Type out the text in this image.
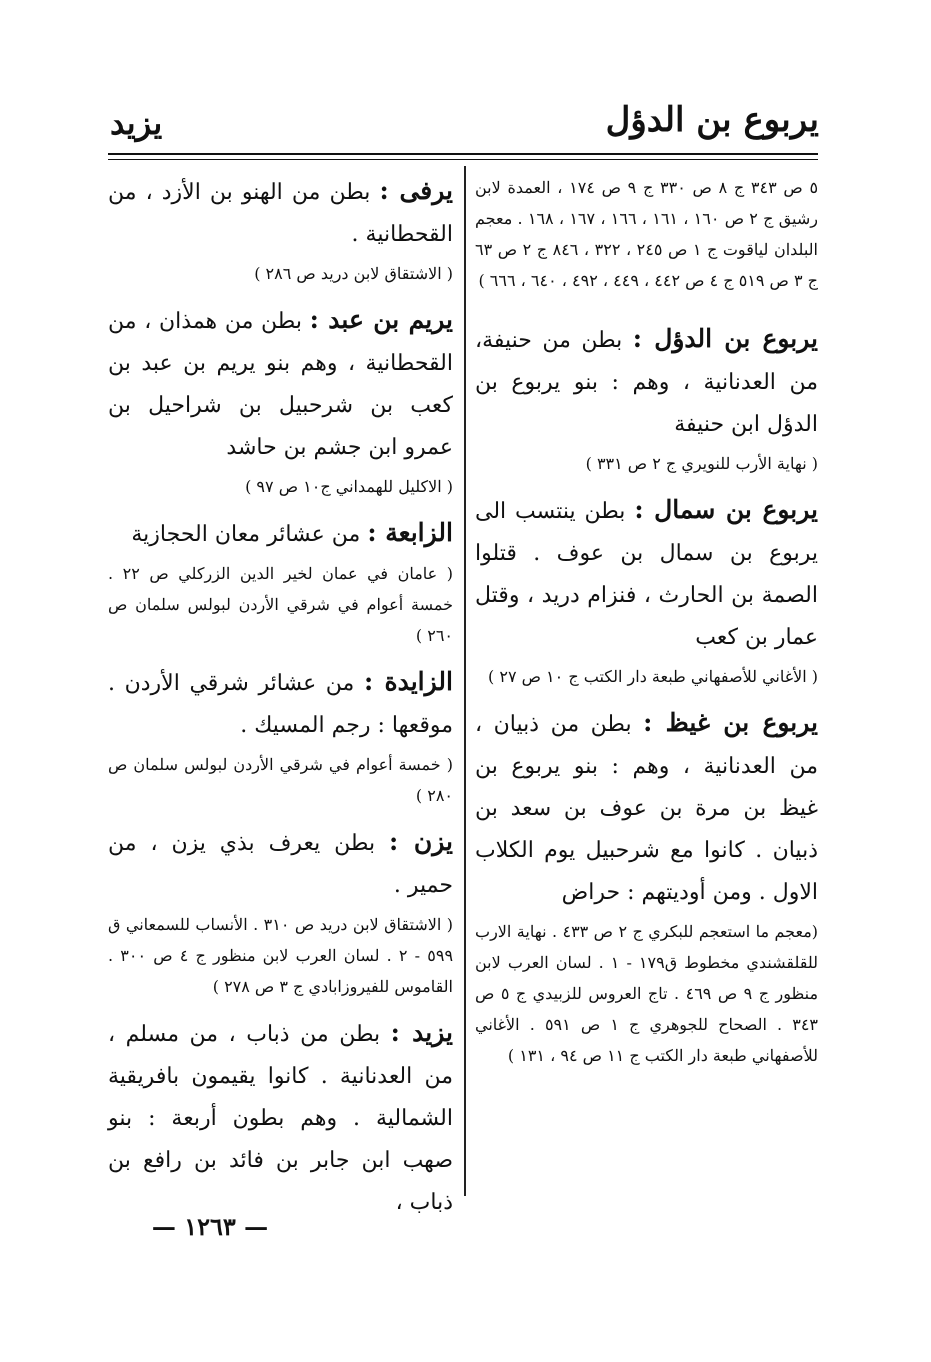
يربوع بن الدؤل
يزيد
٥ ص ٣٤٣ ج ٨ ص ٣٣٠ ج ٩ ص ١٧٤ ، العمدة لابن رشيق ج ٢ ص ١٦٠ ، ١٦١ ، ١٦٦ ، ١٦٧ ، ١٦٨ . معجم البلدان لياقوت ج ١ ص ٢٤٥ ، ٣٢٢ ، ٨٤٦ ج ٢ ص ٦٣ ج ٣ ص ٥١٩ ج ٤ ص ٤٤٢ ، ٤٤٩ ، ٤٩٢ ، ٦٤٠ ، ٦٦٦ )

يربوع بن الدؤل : بطن من حنيفة، من العدنانية ، وهم : بنو يربوع بن الدؤل ابن حنيفة

( نهاية الأرب للنويري ج ٢ ص ٣٣١ )

يربوع بن سمال : بطن ينتسب الى يربوع بن سمال بن عوف . قتلوا الصمة بن الحارث ، فنزام دريد ، وقتل عمار بن كعب

( الأغاني للأصفهاني طبعة دار الكتب ج ١٠ ص ٢٧ )

يربوع بن غيظ : بطن من ذبيان ، من العدنانية ، وهم : بنو يربوع بن غيظ بن مرة بن عوف بن سعد بن ذبيان . كانوا مع شرحبيل يوم الكلاب الاول . ومن أوديتهم : حراض

(معجم ما استعجم للبكري ج ٢ ص ٤٣٣ . نهاية الارب للقلقشندي مخطوط ق١٧٩ - ١ . لسان العرب لابن منظور ج ٩ ص ٤٦٩ . تاج العروس للزبيدي ج ٥ ص ٣٤٣ . الصحاح للجوهري ج ١ ص ٥٩١ . الأغاني للأصفهاني طبعة دار الكتب ج ١١ ص ٩٤ ، ١٣١ )

يرفى : بطن من الهنو بن الأزد ، من القحطانية .

( الاشتقاق لابن دريد ص ٢٨٦ )

يريم بن عبد : بطن من همذان ، من القحطانية ، وهم بنو يريم بن عبد بن كعب بن شرحبيل بن شراحيل بن عمرو ابن جشم بن حاشد

( الاكليل للهمداني ج١٠ ص ٩٧ )

الزابعة : من عشائر معان الحجازية

( عامان في عمان لخير الدين الزركلي ص ٢٢ . خمسة أعوام في شرقي الأردن لبولس سلمان ص ٢٦٠ )

الزايدة : من عشائر شرقي الأردن . موقعها : رجم المسيك .

( خمسة أعوام في شرقي الأردن لبولس سلمان ص ٢٨٠ )

يزن : بطن يعرف بذي يزن ، من حمير .

( الاشتقاق لابن دريد ص ٣١٠ . الأنساب للسمعاني ق ٥٩٩ - ٢ . لسان العرب لابن منظور ج ٤ ص ٣٠٠ . القاموس للفيروزابادي ج ٣ ص ٢٧٨ )

يزيد : بطن من ذباب ، من مسلم ، من العدنانية . كانوا يقيمون بافريقية الشمالية . وهم بطون أربعة : بنو صهب ابن جابر بن فائد بن رافع بن ذباب ،

— ١٢٦٣ —
